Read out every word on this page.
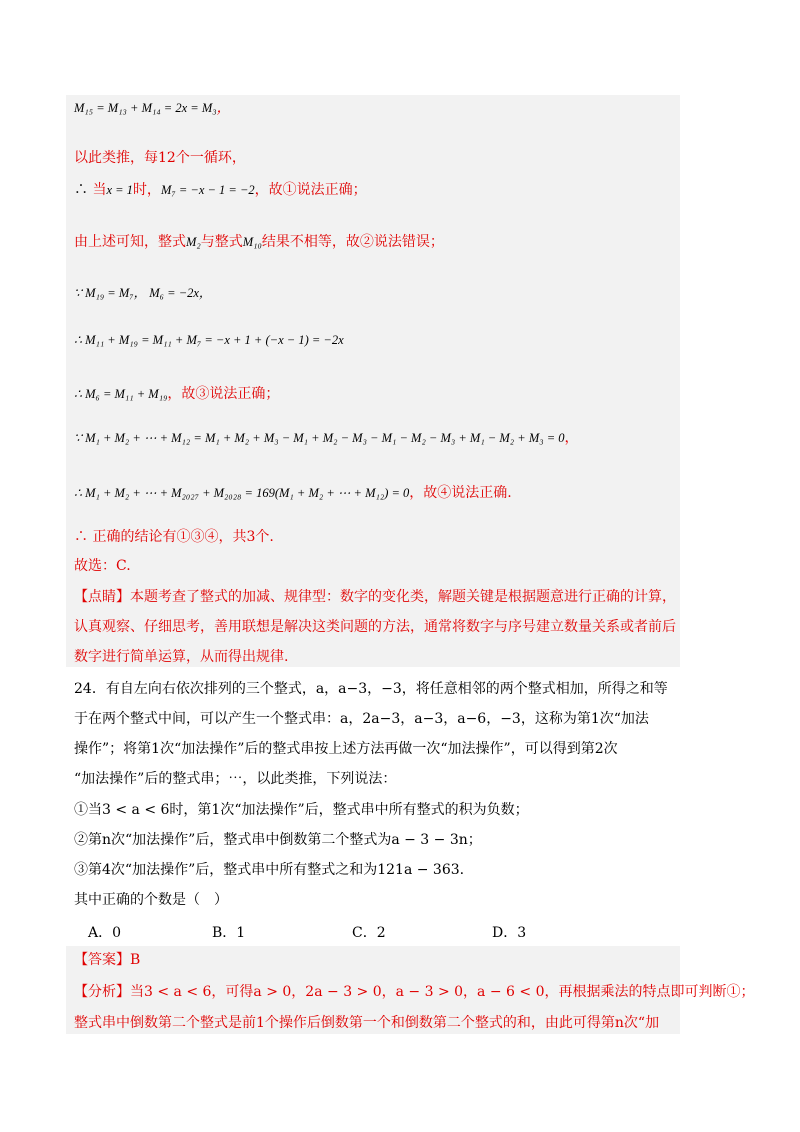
M₁₅ = M₁₃ + M₁₄ = 2x = M₃，
以此类推，每12个一循环，
∴ 当x = 1时，M₇ = −x − 1 = −2，故①说法正确；
由上述可知，整式M₂与整式M₁₀结果不相等，故②说法错误；
∵ M₁₉ = M₇， M₆ = −2x，
∴ M₁₁ + M₁₉ = M₁₁ + M₇ = −x + 1 + (−x − 1) = −2x
∴ M₆ = M₁₁ + M₁₉，故③说法正确；
∵ M₁ + M₂ + ⋯ + M₁₂ = M₁ + M₂ + M₃ − M₁ + M₂ − M₃ − M₁ − M₂ − M₃ + M₁ − M₂ + M₃ = 0，
∴ M₁ + M₂ + ⋯ + M₂₀₂₇ + M₂₀₂₈ = 169(M₁ + M₂ + ⋯ + M₁₂) = 0，故④说法正确.
∴ 正确的结论有①③④，共3个.
故选：C.
【点睛】本题考查了整式的加减、规律型：数字的变化类，解题关键是根据题意进行正确的计算，
认真观察、仔细思考，善用联想是解决这类问题的方法，通常将数字与序号建立数量关系或者前后
数字进行简单运算，从而得出规律.
24．有自左向右依次排列的三个整式，a，a−3，−3，将任意相邻的两个整式相加，所得之和等
于在两个整式中间，可以产生一个整式串：a，2a−3，a−3，a−6，−3，这称为第1次“加法
操作”；将第1次“加法操作”后的整式串按上述方法再做一次“加法操作”，可以得到第2次
“加法操作”后的整式串；⋯，以此类推，下列说法：
①当3 < a < 6时，第1次“加法操作”后，整式串中所有整式的积为负数；
②第n次“加法操作”后，整式串中倒数第二个整式为a − 3 − 3n；
③第4次“加法操作”后，整式串中所有整式之和为121a − 363.
其中正确的个数是（　）
A．0	B．1	C．2	D．3
【答案】B
【分析】当3 < a < 6，可得a > 0，2a − 3 > 0，a − 3 > 0，a − 6 < 0，再根据乘法的特点即可判断①；
整式串中倒数第二个整式是前1个操作后倒数第一个和倒数第二个整式的和，由此可得第n次“加
